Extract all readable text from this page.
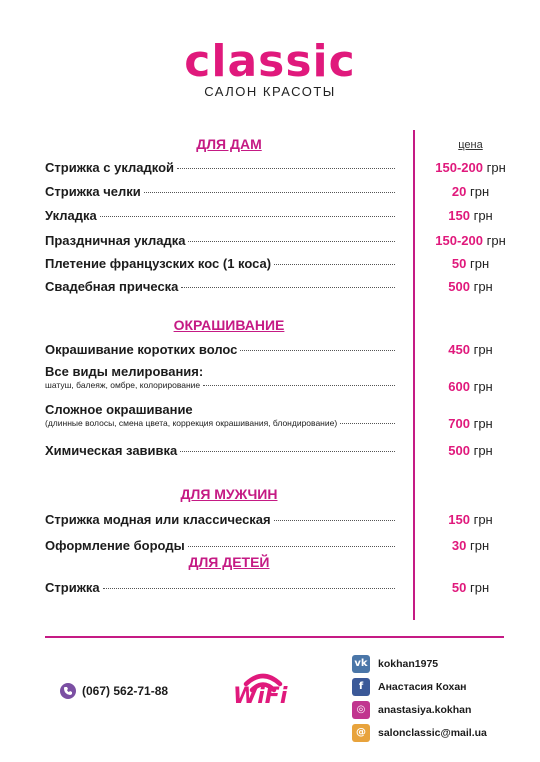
classic
САЛОН КРАСОТЫ
ДЛЯ ДАМ	цена
Стрижка с укладкой	150-200 грн
Стрижка челки	20 грн
Укладка	150 грн
Праздничная укладка	150-200 грн
Плетение французских кос (1 коса)	50 грн
Свадебная прическа	500 грн
ОКРАШИВАНИЕ
Окрашивание коротких волос	450 грн
Все виды мелирования:
шатуш, балеяж, омбре, колорирование	600 грн
Сложное окрашивание
(длинные волосы, смена цвета, коррекция окрашивания, блондирование)	700 грн
Химическая завивка	500 грн
ДЛЯ МУЖЧИН
Стрижка модная или классическая	150 грн
Оформление бороды	30 грн
ДЛЯ ДЕТЕЙ
Стрижка	50 грн
(067) 562-71-88	WiFi
vk kokhan1975
f	Анастасия Кохан
◎	anastasiya.kokhan
@	salonclassic@mail.ua
